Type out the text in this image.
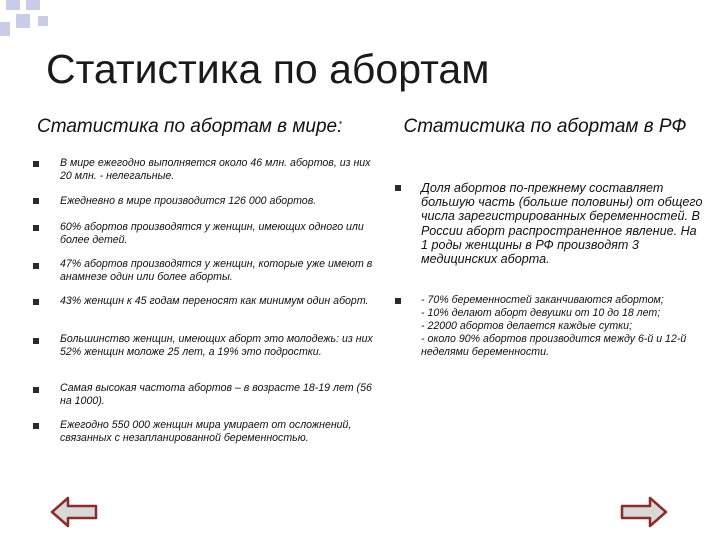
Статистика по абортам
Статистика по абортам в мире:	Статистика по абортам в РФ
В мире ежегодно выполняется около 46 млн. абортов, из них 20 млн. - нелегальные.
Ежедневно в мире производится 126 000 абортов.
60% абортов производятся у женщин, имеющих одного или более детей.
47% абортов производятся у женщин, которые уже имеют в анамнезе один или более аборты.
43% женщин к 45 годам переносят как минимум один аборт.
Большинство женщин, имеющих аборт это молодежь: из них 52% женщин моложе 25 лет, а 19% это подростки.
Самая высокая частота абортов – в возрасте 18-19 лет (56 на 1000).
Ежегодно 550 000 женщин мира умирает от осложнений, связанных с незапланированной беременностью.
Доля абортов по-прежнему составляет большую часть (больше половины) от общего числа зарегистрированных беременностей. В России аборт распространенное явление. На 1 роды женщины в РФ производят 3 медицинских аборта.
- 70% беременностей заканчиваются абортом;
- 10% делают аборт девушки от 10 до 18 лет;
- 22000 абортов делается каждые сутки;
- около 90% абортов производится между 6-й и 12-й неделями беременности.
